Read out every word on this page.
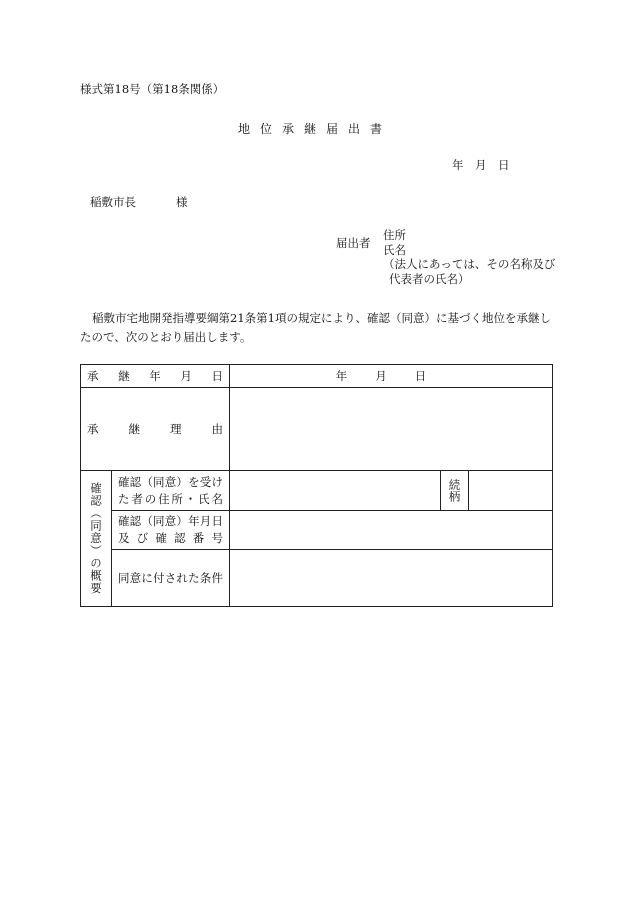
様式第18号（第18条関係）
地位承継届出書
年　月　日
稲敷市長	様
届出者
住所
氏名
（法人にあっては、その名称及び
代表者の氏名）
稲敷市宅地開発指導要綱第21条第1項の規定により、確認（同意）に基づく地位を承継したので、次のとおり届出します。
承 継 年 月 日		年 月 日		

承 継 理 由				

確認（同意）の概要	確認（同意）を受け
た者の住所・氏名		続柄	

	確認（同意）年月日
及び確認番号			

	同意に付された条件			
